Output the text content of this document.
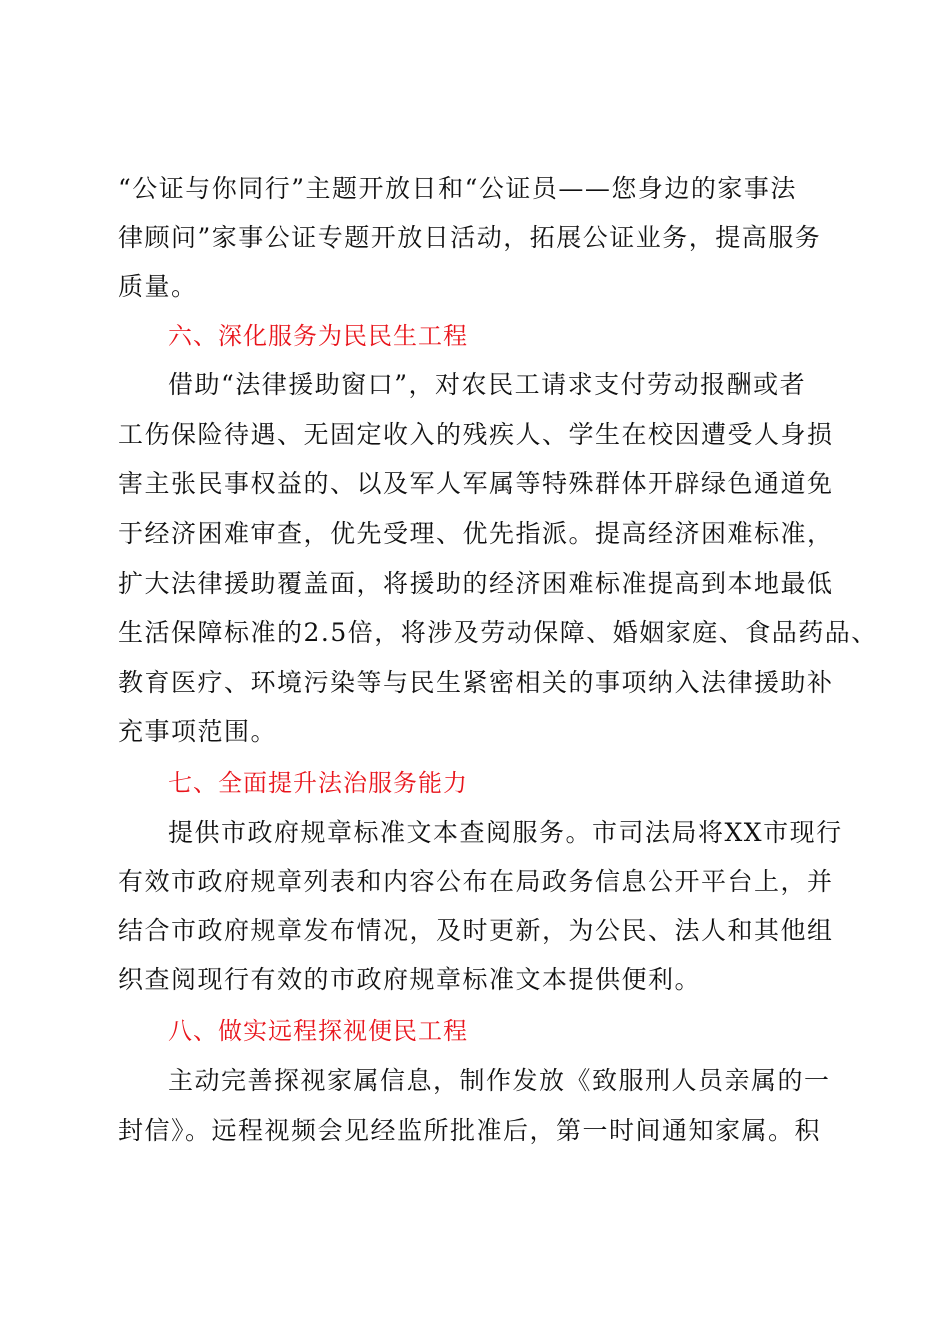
“公证与你同行”主题开放日和“公证员——您身边的家事法
律顾问”家事公证专题开放日活动，拓展公证业务，提高服务
质量。
六、深化服务为民民生工程
借助“法律援助窗口”，对农民工请求支付劳动报酬或者
工伤保险待遇、无固定收入的残疾人、学生在校因遭受人身损
害主张民事权益的、以及军人军属等特殊群体开辟绿色通道免
于经济困难审查，优先受理、优先指派。提高经济困难标准，
扩大法律援助覆盖面，将援助的经济困难标准提高到本地最低
生活保障标准的2.5倍，将涉及劳动保障、婚姻家庭、食品药品、
教育医疗、环境污染等与民生紧密相关的事项纳入法律援助补
充事项范围。
七、全面提升法治服务能力
提供市政府规章标准文本查阅服务。市司法局将XX市现行
有效市政府规章列表和内容公布在局政务信息公开平台上，并
结合市政府规章发布情况，及时更新，为公民、法人和其他组
织查阅现行有效的市政府规章标准文本提供便利。
八、做实远程探视便民工程
主动完善探视家属信息，制作发放《致服刑人员亲属的一
封信》。远程视频会见经监所批准后，第一时间通知家属。积
